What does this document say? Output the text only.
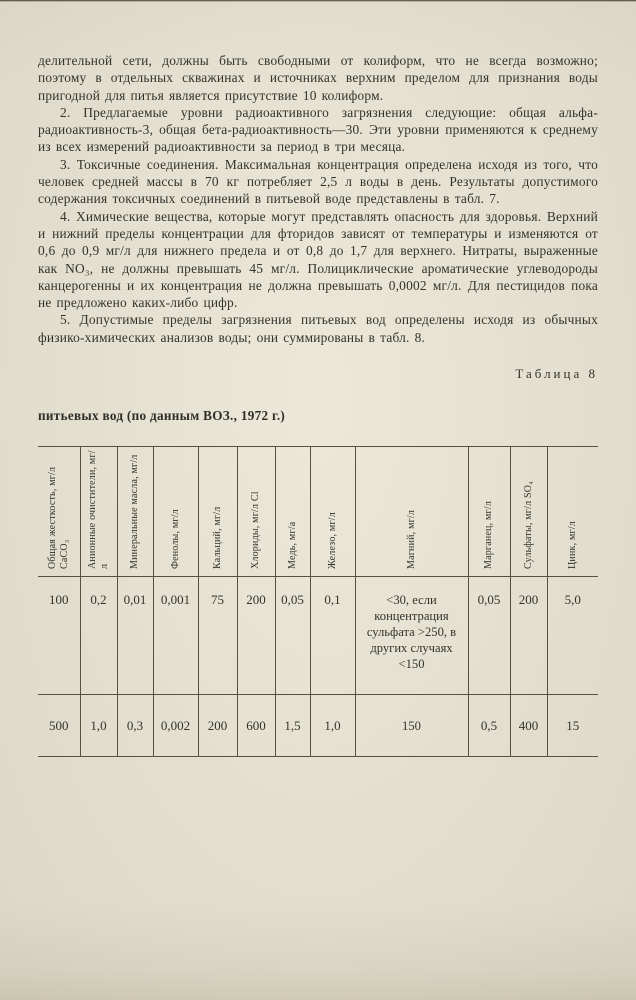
делительной сети, должны быть свободными от колиформ, что не всегда возможно; поэтому в отдельных скважинах и источниках верхним пределом для признания воды пригодной для питья является присутствие 10 колиформ.

2. Предлагаемые уровни радиоактивного загрязнения следующие: общая альфа-радиоактивность-3, общая бета-радиоактивность—30. Эти уровни применяются к среднему из всех измерений радиоактивности за период в три месяца.

3. Токсичные соединения. Максимальная концентрация определена исходя из того, что человек средней массы в 70 кг потребляет 2,5 л воды в день. Результаты допустимого содержания токсичных соединений в питьевой воде представлены в табл. 7.

4. Химические вещества, которые могут представлять опасность для здоровья. Верхний и нижний пределы концентрации для фторидов зависят от температуры и изменяются от 0,6 до 0,9 мг/л для нижнего предела и от 0,8 до 1,7 для верхнего. Нитраты, выраженные как NO₃, не должны превышать 45 мг/л. Полициклические ароматические углеводороды канцерогенны и их концентрация не должна превышать 0,0002 мг/л. Для пестицидов пока не предложено каких-либо цифр.

5. Допустимые пределы загрязнения питьевых вод определены исходя из обычных физико-химических анализов воды; они суммированы в табл. 8.

Таблица 8
питьевых вод (по данным ВОЗ., 1972 г.)
Общая жесткость, мг/л CaCO₃	Анионные очистители, мг/л	Минеральные масла, мг/л	Фенолы, мг/л	Кальций, мг/л	Хлориды, мг/л Cl	Медь, мг/а	Железо, мг/л	Магний, мг/л	Марганец, мг/л	Сульфаты, мг/л SO₄	Цинк, мг/л
100	0,2	0,01	0,001	75	200	0,05	0,1	<30, если концентрация сульфата >250, в других случаях <150	0,05	200	5,0
500	1,0	0,3	0,002	200	600	1,5	1,0	150	0,5	400	15
